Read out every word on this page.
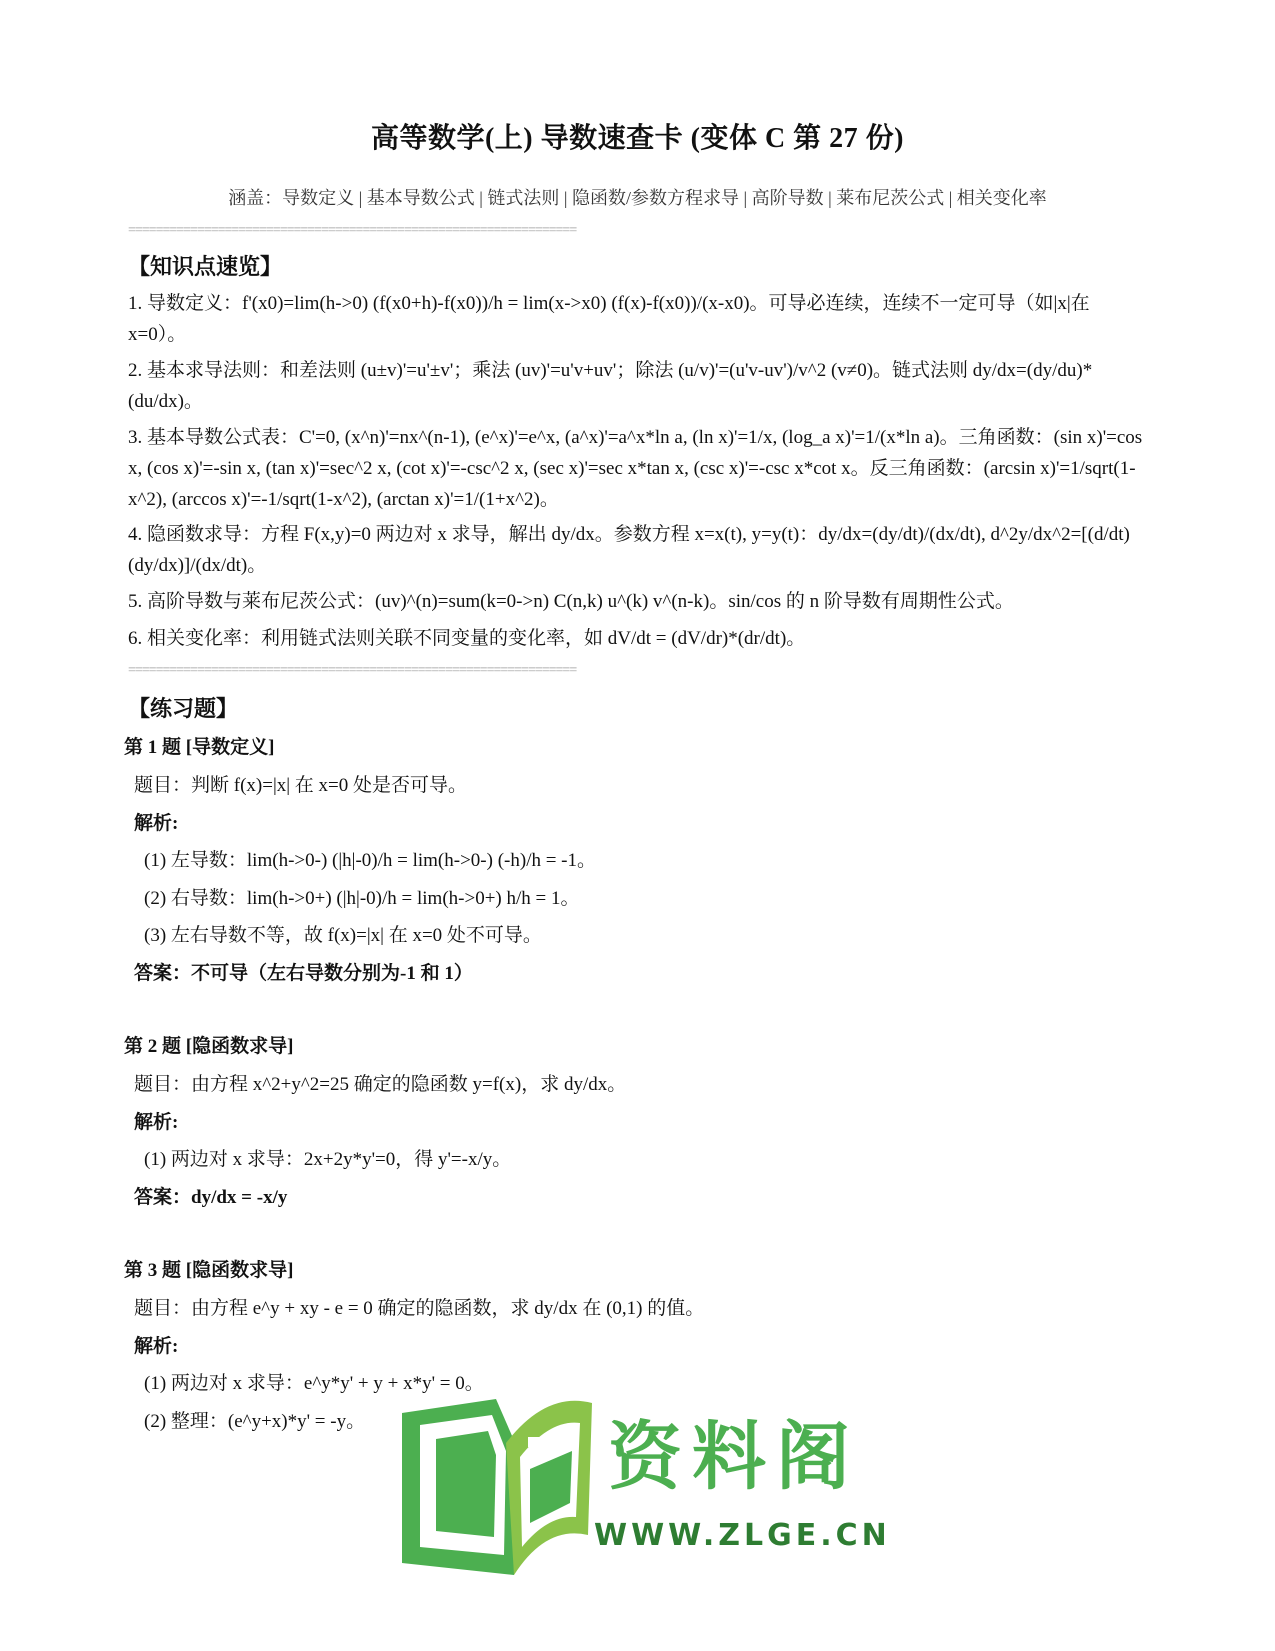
高等数学(上) 导数速查卡 (变体 C 第 27 份)
涵盖：导数定义 | 基本导数公式 | 链式法则 | 隐函数/参数方程求导 | 高阶导数 | 莱布尼茨公式 | 相关变化率
=================================================================
【知识点速览】
1. 导数定义：f'(x0)=lim(h->0) (f(x0+h)-f(x0))/h = lim(x->x0) (f(x)-f(x0))/(x-x0)。可导必连续，连续不一定可导（如|x|在 x=0）。
2. 基本求导法则：和差法则 (u±v)'=u'±v'；乘法 (uv)'=u'v+uv'；除法 (u/v)'=(u'v-uv')/v^2 (v≠0)。链式法则 dy/dx=(dy/du)*(du/dx)。
3. 基本导数公式表：C'=0, (x^n)'=nx^(n-1), (e^x)'=e^x, (a^x)'=a^x*ln a, (ln x)'=1/x, (log_a x)'=1/(x*ln a)。三角函数：(sin x)'=cos x, (cos x)'=-sin x, (tan x)'=sec^2 x, (cot x)'=-csc^2 x, (sec x)'=sec x*tan x, (csc x)'=-csc x*cot x。反三角函数：(arcsin x)'=1/sqrt(1-x^2), (arccos x)'=-1/sqrt(1-x^2), (arctan x)'=1/(1+x^2)。
4. 隐函数求导：方程 F(x,y)=0 两边对 x 求导，解出 dy/dx。参数方程 x=x(t), y=y(t)：dy/dx=(dy/dt)/(dx/dt), d^2y/dx^2=[(d/dt)(dy/dx)]/(dx/dt)。
5. 高阶导数与莱布尼茨公式：(uv)^(n)=sum(k=0->n) C(n,k) u^(k) v^(n-k)。sin/cos 的 n 阶导数有周期性公式。
6. 相关变化率：利用链式法则关联不同变量的变化率，如 dV/dt = (dV/dr)*(dr/dt)。
=================================================================
【练习题】
第 1 题 [导数定义]
题目：判断 f(x)=|x| 在 x=0 处是否可导。
解析:
(1) 左导数：lim(h->0-) (|h|-0)/h = lim(h->0-) (-h)/h = -1。
(2) 右导数：lim(h->0+) (|h|-0)/h = lim(h->0+) h/h = 1。
(3) 左右导数不等，故 f(x)=|x| 在 x=0 处不可导。
答案：不可导（左右导数分别为-1 和 1）
第 2 题 [隐函数求导]
题目：由方程 x^2+y^2=25 确定的隐函数 y=f(x)，求 dy/dx。
解析:
(1) 两边对 x 求导：2x+2y*y'=0，得 y'=-x/y。
答案：dy/dx = -x/y
第 3 题 [隐函数求导]
题目：由方程 e^y + xy - e = 0 确定的隐函数，求 dy/dx 在 (0,1) 的值。
解析:
(1) 两边对 x 求导：e^y*y' + y + x*y' = 0。
(2) 整理：(e^y+x)*y' = -y。	资料阁
WWW.ZLGE.CN
